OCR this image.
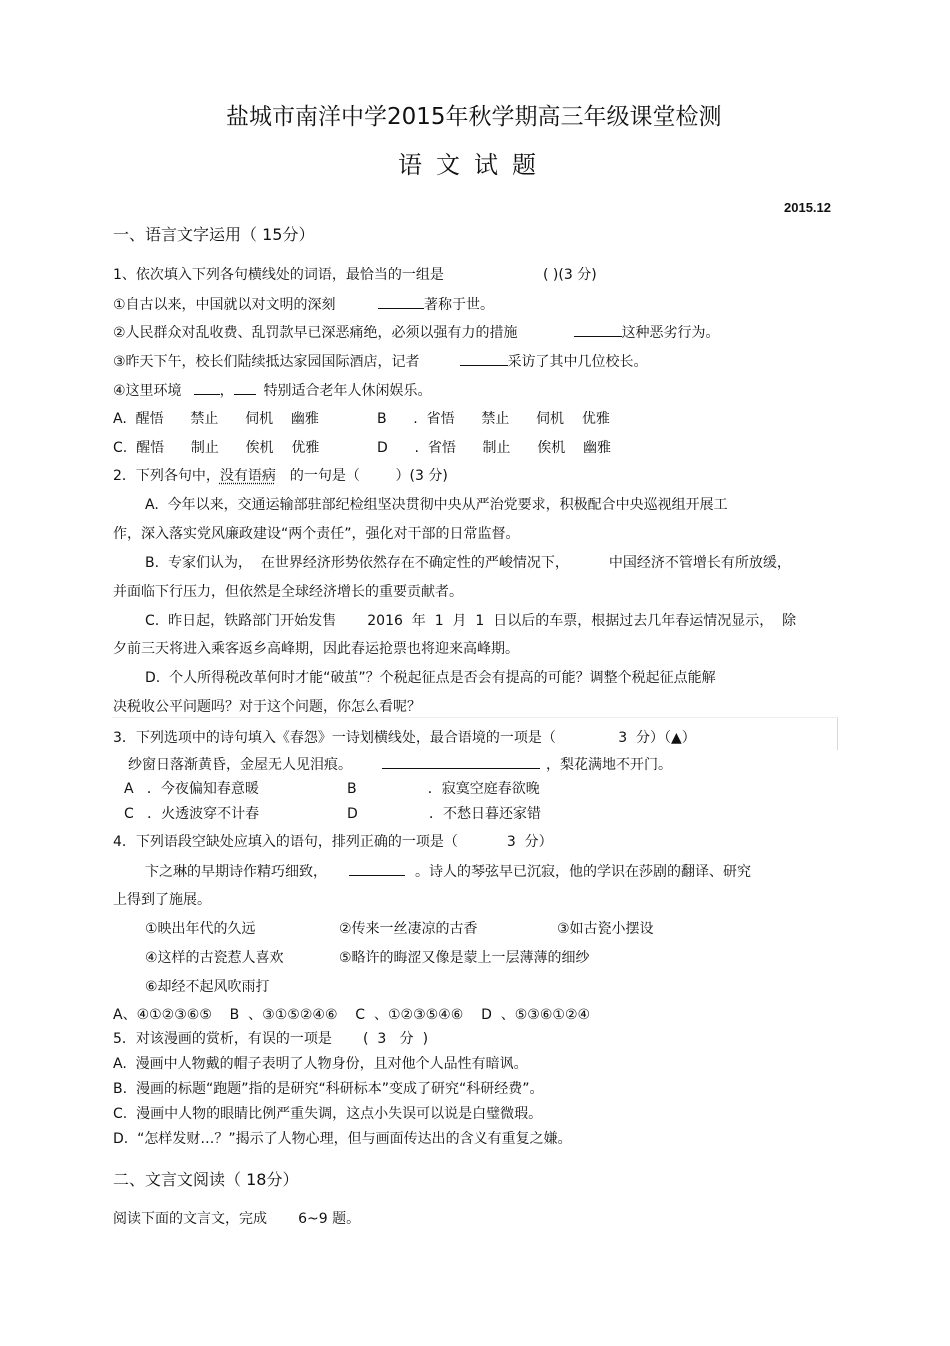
盐城市南洋中学2015年秋学期高三年级课堂检测
语文试题
2015.12
一、语言文字运用（ 15分）
1、依次填入下列各句横线处的词语，最恰当的一组是	( )(3 分)
①自古以来，中国就以对文明的深刻	著称于世。
②人民群众对乱收费、乱罚款早已深恶痛绝，必须以强有力的措施	这种恶劣行为。
③昨天下午，校长们陆续抵达家园国际酒店，记者	采访了其中几位校长。
④这里环境	， 特别适合老年人休闲娱乐。
A.  醒悟      禁止      伺机    幽雅	B      .  省悟      禁止      伺机    优雅
C.  醒悟      制止      俟机    优雅	D      .  省悟      制止      俟机    幽雅
2．下列各句中，没有语病 的一句是（        ）(3 分)
A.  今年以来，交通运输部驻部纪检组坚决贯彻中央从严治党要求，积极配合中央巡视组开展工
作，深入落实党风廉政建设“两个责任”，强化对干部的日常监督。
B.  专家们认为，  在世界经济形势依然存在不确定性的严峻情况下，         中国经济不管增长有所放缓，
并面临下行压力，但依然是全球经济增长的重要贡献者。
C.  昨日起，铁路部门开始发售       2016  年  1  月  1  日以后的车票，根据过去几年春运情况显示，  除
夕前三天将进入乘客返乡高峰期，因此春运抢票也将迎来高峰期。
D.  个人所得税改革何时才能“破茧”？个税起征点是否会有提高的可能？调整个税起征点能解
决税收公平问题吗？对于这个问题，你怎么看呢？
3．下列选项中的诗句填入《春怨》一诗划横线处，最合语境的一项是（              3  分）（▲）
纱窗日落渐黄昏，金屋无人见泪痕。	，梨花满地不开门。
A   ．今夜偏知春意暖	B                ．寂寞空庭春欲晚
C   ．火透波穿不计春	D                ．不愁日暮还家错
4．下列语段空缺处应填入的语句，排列正确的一项是（           3  分）
卞之琳的早期诗作精巧细致，	。诗人的琴弦早已沉寂，他的学识在莎剧的翻译、研究
上得到了施展。
①映出年代的久远	②传来一丝凄凉的古香	③如古瓷小摆设
④这样的古瓷惹人喜欢	⑤略许的晦涩又像是蒙上一层薄薄的细纱
⑥却经不起风吹雨打
A、④①②③⑥⑤    B  、③①⑤②④⑥    C  、①②③⑤④⑥    D  、⑤③⑥①②④
5．对该漫画的赏析，有误的一项是       (  3   分  )
A.  漫画中人物戴的帽子表明了人物身份，且对他个人品性有暗讽。
B.  漫画的标题“跑题”指的是研究“科研标本”变成了研究“科研经费”。
C.  漫画中人物的眼睛比例严重失调，这点小失误可以说是白璧微瑕。
D.  “怎样发财…？”揭示了人物心理，但与画面传达出的含义有重复之嫌。
二、文言文阅读（ 18分）
阅读下面的文言文，完成       6~9 题。
